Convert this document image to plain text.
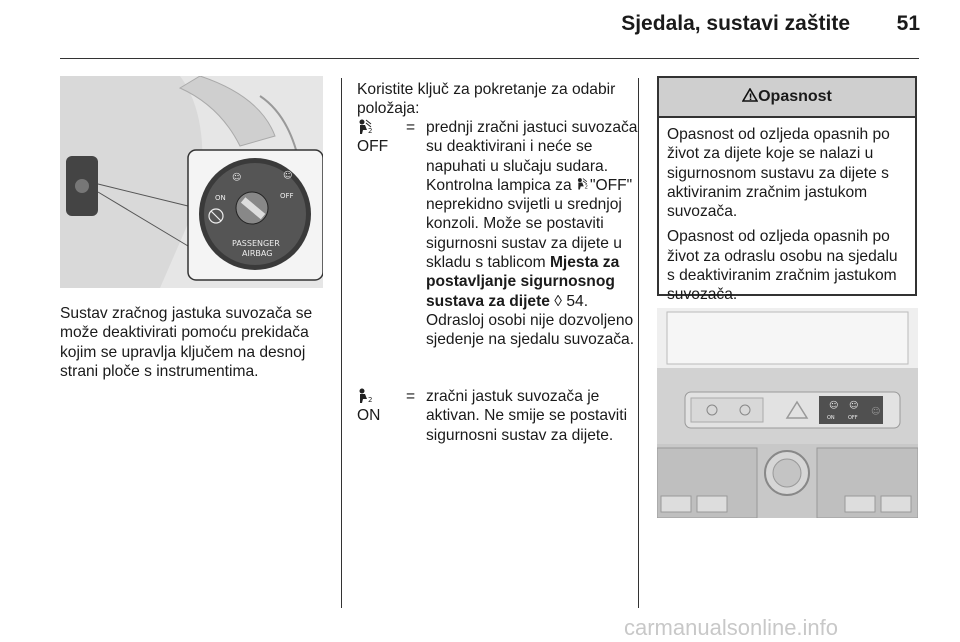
Sjedala, sustavi zaštite	51
☺	☺
ON	OFF
PASSENGER
AIRBAG
Sustav zračnog jastuka suvozača se može deaktivirati pomoću prekidača kojim se upravlja ključem na desnoj strani ploče s instrumentima.
Koristite ključ za pokretanje za odabir položaja:
2
OFF
= prednji zračni jastuci suvozača su deaktivirani i neće se napuhati u slučaju sudara. Kontrolna lampica za 2 "OFF" neprekidno svijetli u srednjoj konzoli. Može se postaviti sigurnosni sustav za dijete u skladu s tablicom Mjesta za postavljanje sigurnosnog sustava za dijete ◊ 54. Odrasloj osobi nije dozvoljeno sjedenje na sjedalu suvozača.
2
ON
= zračni jastuk suvozača je aktivan. Ne smije se postaviti sigurnosni sustav za dijete.
! Opasnost
Opasnost od ozljeda opasnih po život za dijete koje se nalazi u sigurnosnom sustavu za dijete s aktiviranim zračnim jastukom suvozača.
Opasnost od ozljeda opasnih po život za odraslu osobu na sjedalu s deaktiviranim zračnim jastukom suvozača.
☺ ☺
ON	OFF
☺
carmanualsonline.info
